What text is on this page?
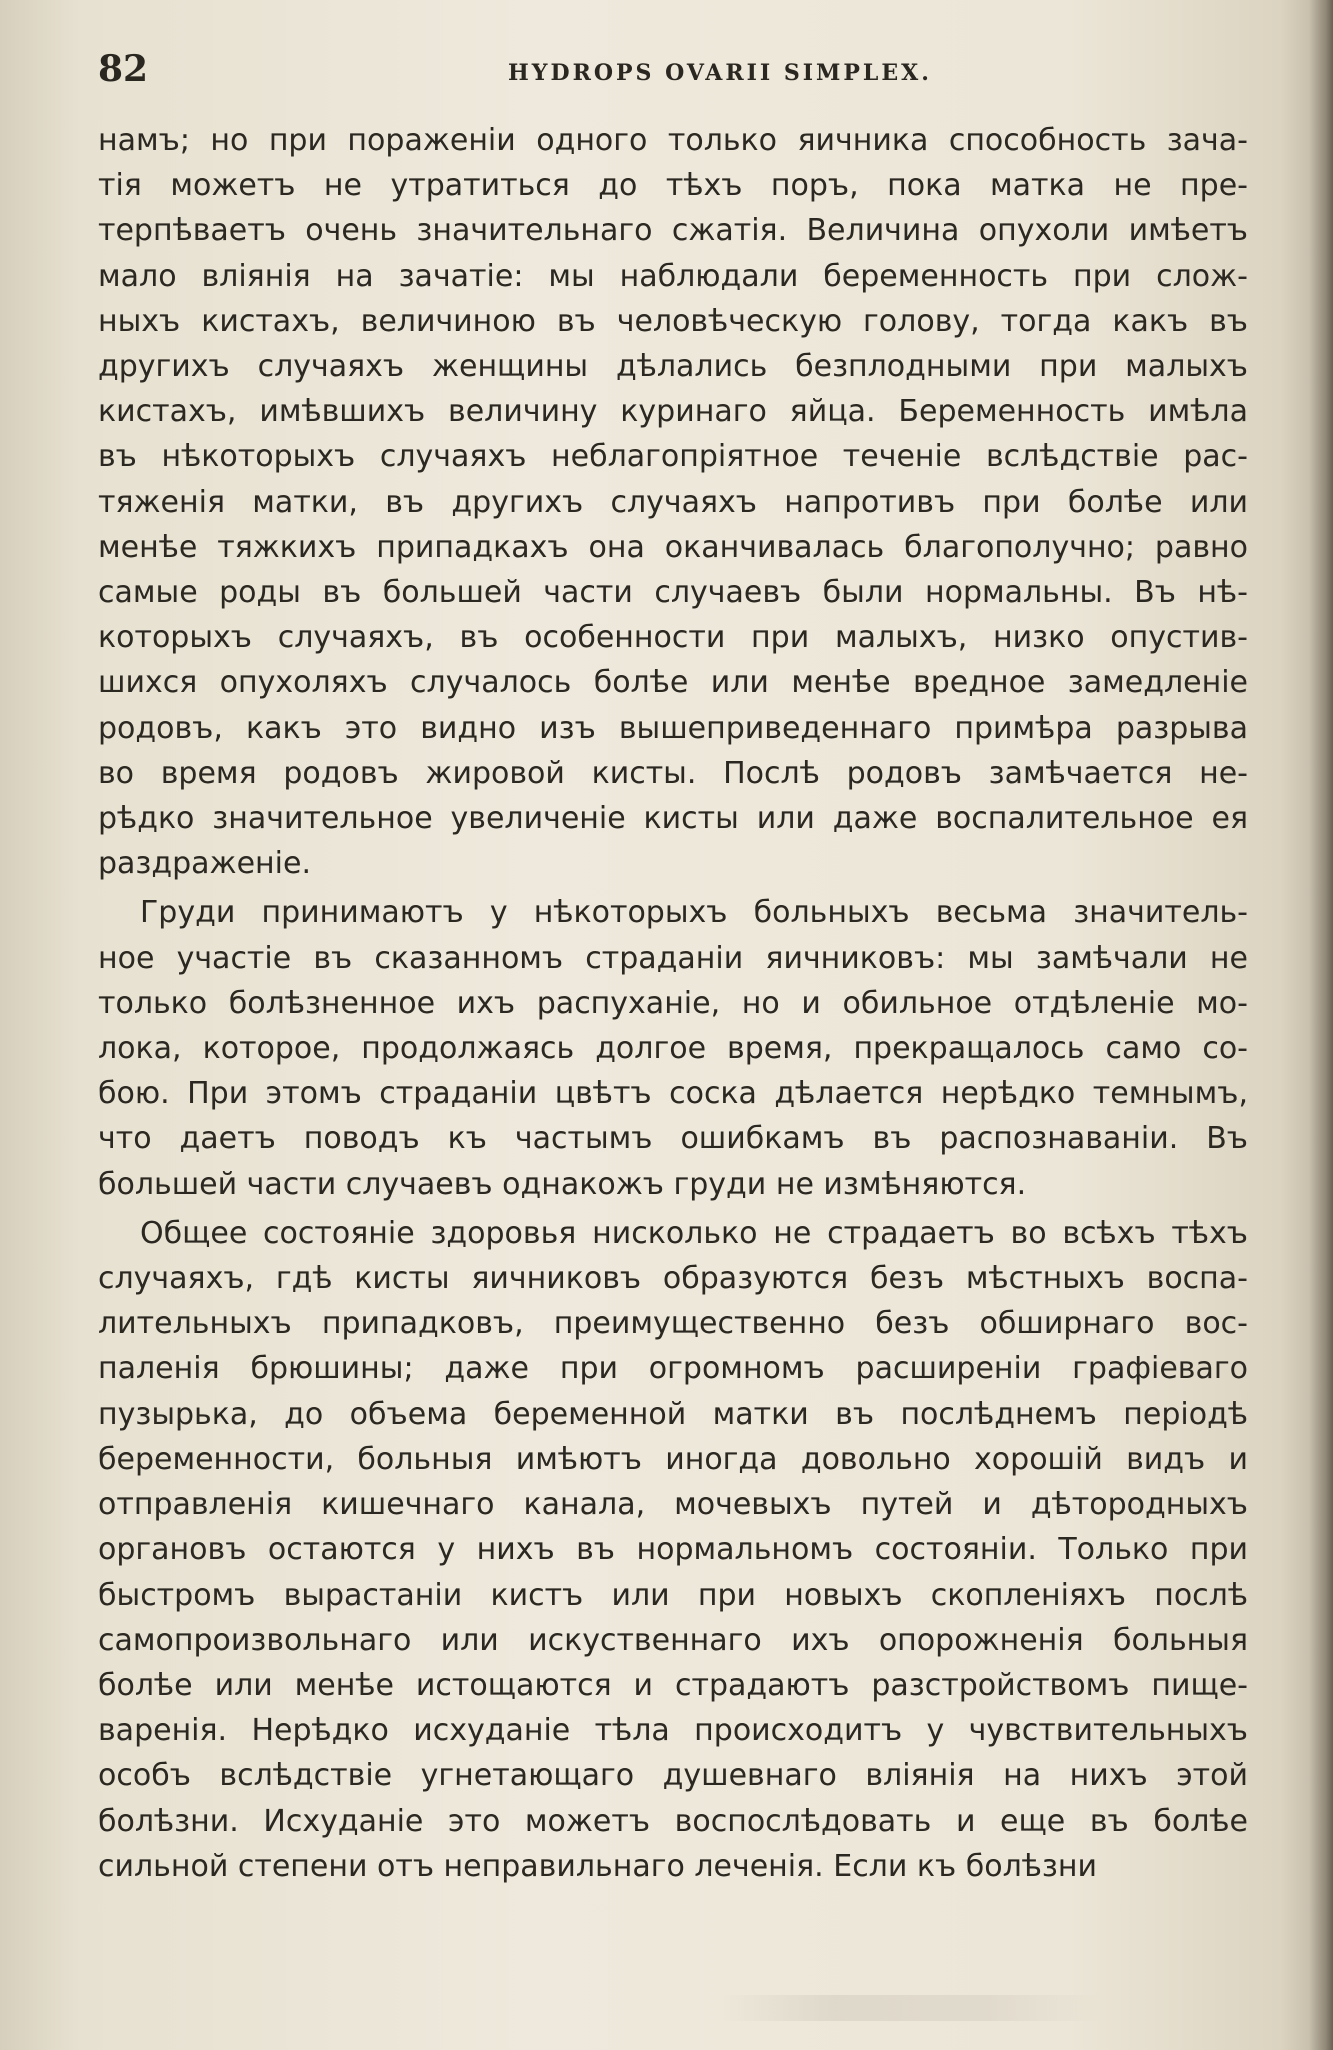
82	HYDROPS OVARII SIMPLEX.
намъ; но при пораженіи одного только яичника способность зача-
тія можетъ не утратиться до тѣхъ поръ, пока матка не пре-
терпѣваетъ очень значительнаго сжатія. Величина опухоли имѣетъ
мало вліянія на зачатіе: мы наблюдали беременность при слож-
ныхъ кистахъ, величиною въ человѣческую голову, тогда какъ въ
другихъ случаяхъ женщины дѣлались безплодными при малыхъ
кистахъ, имѣвшихъ величину куринаго яйца. Беременность имѣла
въ нѣкоторыхъ случаяхъ неблагопріятное теченіе вслѣдствіе рас-
тяженія матки, въ другихъ случаяхъ напротивъ при болѣе или
менѣе тяжкихъ припадкахъ она оканчивалась благополучно; равно
самые роды въ большей части случаевъ были нормальны. Въ нѣ-
которыхъ случаяхъ, въ особенности при малыхъ, низко опустив-
шихся опухоляхъ случалось болѣе или менѣе вредное замедленіе
родовъ, какъ это видно изъ вышеприведеннаго примѣра разрыва
во время родовъ жировой кисты. Послѣ родовъ замѣчается не-
рѣдко значительное увеличеніе кисты или даже воспалительное ея
раздраженіе.
Груди принимаютъ у нѣкоторыхъ больныхъ весьма значитель-
ное участіе въ сказанномъ страданіи яичниковъ: мы замѣчали не
только болѣзненное ихъ распуханіе, но и обильное отдѣленіе мо-
лока, которое, продолжаясь долгое время, прекращалось само со-
бою. При этомъ страданіи цвѣтъ соска дѣлается нерѣдко темнымъ,
что даетъ поводъ къ частымъ ошибкамъ въ распознаваніи. Въ
большей части случаевъ однакожъ груди не измѣняются.
Общее состояніе здоровья нисколько не страдаетъ во всѣхъ тѣхъ
случаяхъ, гдѣ кисты яичниковъ образуются безъ мѣстныхъ воспа-
лительныхъ припадковъ, преимущественно безъ обширнаго вос-
паленія брюшины; даже при огромномъ расширеніи графіеваго
пузырька, до объема беременной матки въ послѣднемъ періодѣ
беременности, больныя имѣютъ иногда довольно хорошій видъ и
отправленія кишечнаго канала, мочевыхъ путей и дѣтородныхъ
органовъ остаются у нихъ въ нормальномъ состояніи. Только при
быстромъ вырастаніи кистъ или при новыхъ скопленіяхъ послѣ
самопроизвольнаго или искуственнаго ихъ опорожненія больныя
болѣе или менѣе истощаются и страдаютъ разстройствомъ пище-
варенія. Нерѣдко исхуданіе тѣла происходитъ у чувствительныхъ
особъ вслѣдствіе угнетающаго душевнаго вліянія на нихъ этой
болѣзни. Исхуданіе это можетъ воспослѣдовать и еще въ болѣе
сильной степени отъ неправильнаго леченія. Если къ болѣзни
